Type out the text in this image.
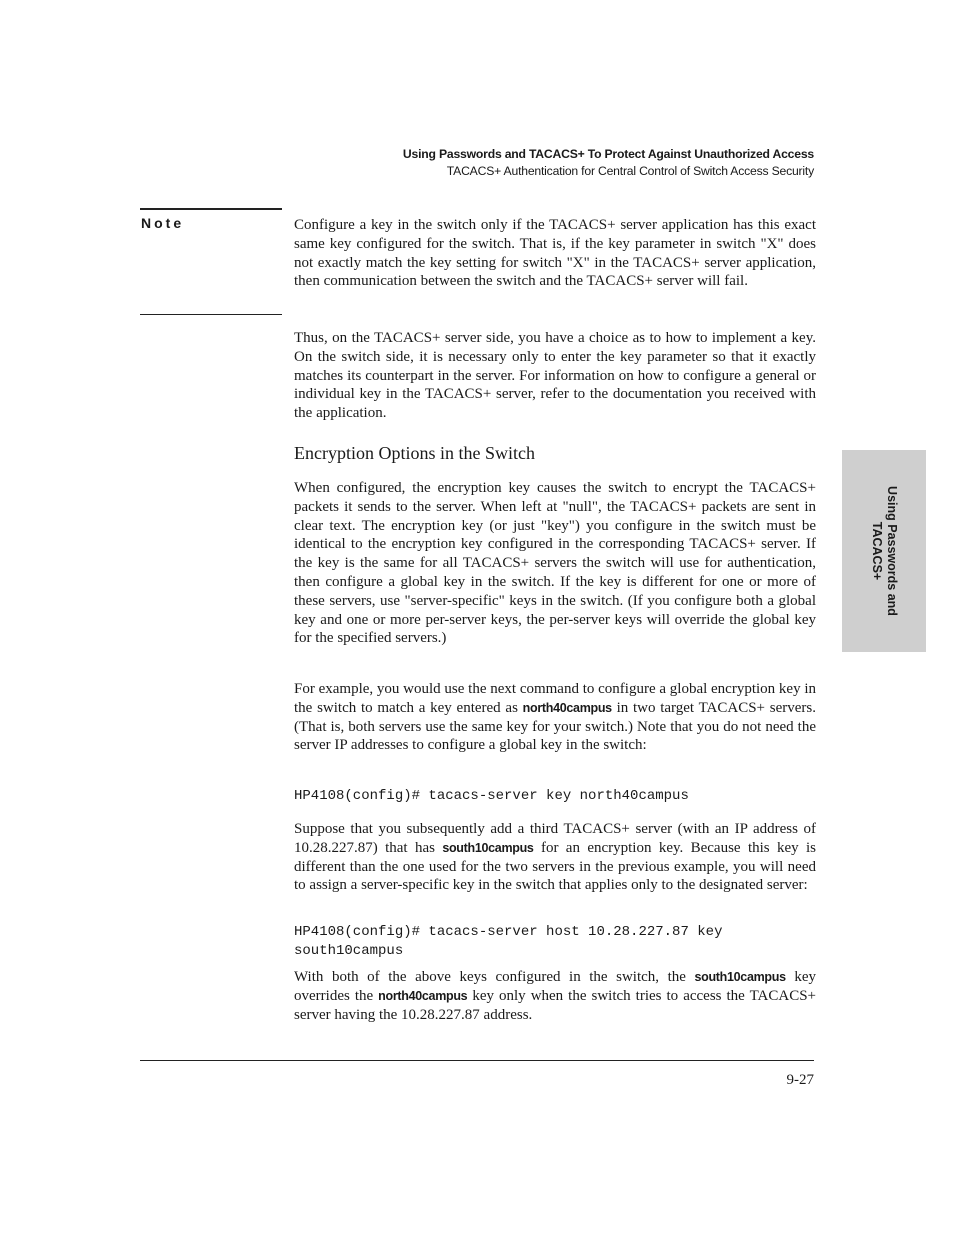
Using Passwords and TACACS+ To Protect Against Unauthorized Access
TACACS+ Authentication for Central Control of Switch Access Security
Note	Configure a key in the switch only if the TACACS+ server application has this exact same key configured for the switch. That is, if the key parameter in switch "X" does not exactly match the key setting for switch "X" in the TACACS+ server application, then communication between the switch and the TACACS+ server will fail.

Thus, on the TACACS+ server side, you have a choice as to how to implement a key. On the switch side, it is necessary only to enter the key parameter so that it exactly matches its counterpart in the server. For information on how to configure a general or individual key in the TACACS+ server, refer to the documentation you received with the application.

Encryption Options in the Switch

When configured, the encryption key causes the switch to encrypt the TACACS+ packets it sends to the server. When left at "null", the TACACS+ packets are sent in clear text. The encryption key (or just "key") you configure in the switch must be identical to the encryption key configured in the corresponding TACACS+ server. If the key is the same for all TACACS+ servers the switch will use for authentication, then configure a global key in the switch. If the key is different for one or more of these servers, use "server-specific" keys in the switch. (If you configure both a global key and one or more per-server keys, the per-server keys will override the global key for the specified servers.)

For example, you would use the next command to configure a global encryption key in the switch to match a key entered as north40campus in two target TACACS+ servers. (That is, both servers use the same key for your switch.) Note that you do not need the server IP addresses to configure a global key in the switch:

HP4108(config)# tacacs-server key north40campus

Suppose that you subsequently add a third TACACS+ server (with an IP address of 10.28.227.87) that has south10campus for an encryption key. Because this key is different than the one used for the two servers in the previous example, you will need to assign a server-specific key in the switch that applies only to the designated server:

HP4108(config)# tacacs-server host 10.28.227.87 key
south10campus

With both of the above keys configured in the switch, the south10campus key overrides the north40campus key only when the switch tries to access the TACACS+ server having the 10.28.227.87 address.

9-27
Using Passwords and
TACACS+
